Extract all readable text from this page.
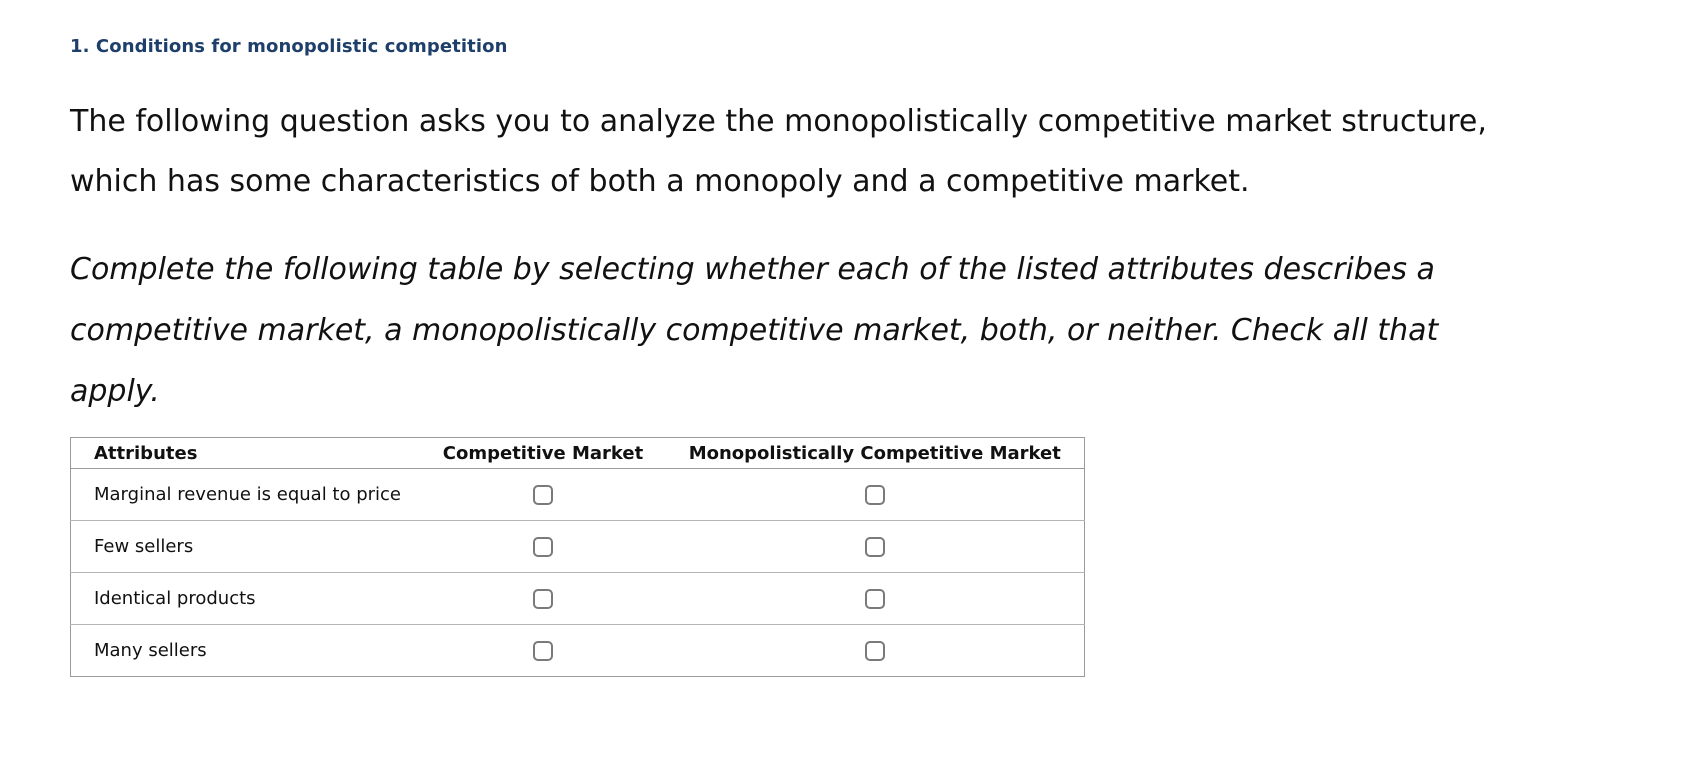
1. Conditions for monopolistic competition

The following question asks you to analyze the monopolistically competitive market structure, which has some characteristics of both a monopoly and a competitive market.

Complete the following table by selecting whether each of the listed attributes describes a competitive market, a monopolistically competitive market, both, or neither. Check all that apply.

Attributes	Competitive Market	Monopolistically Competitive Market
Marginal revenue is equal to price		
Few sellers		
Identical products		
Many sellers		
